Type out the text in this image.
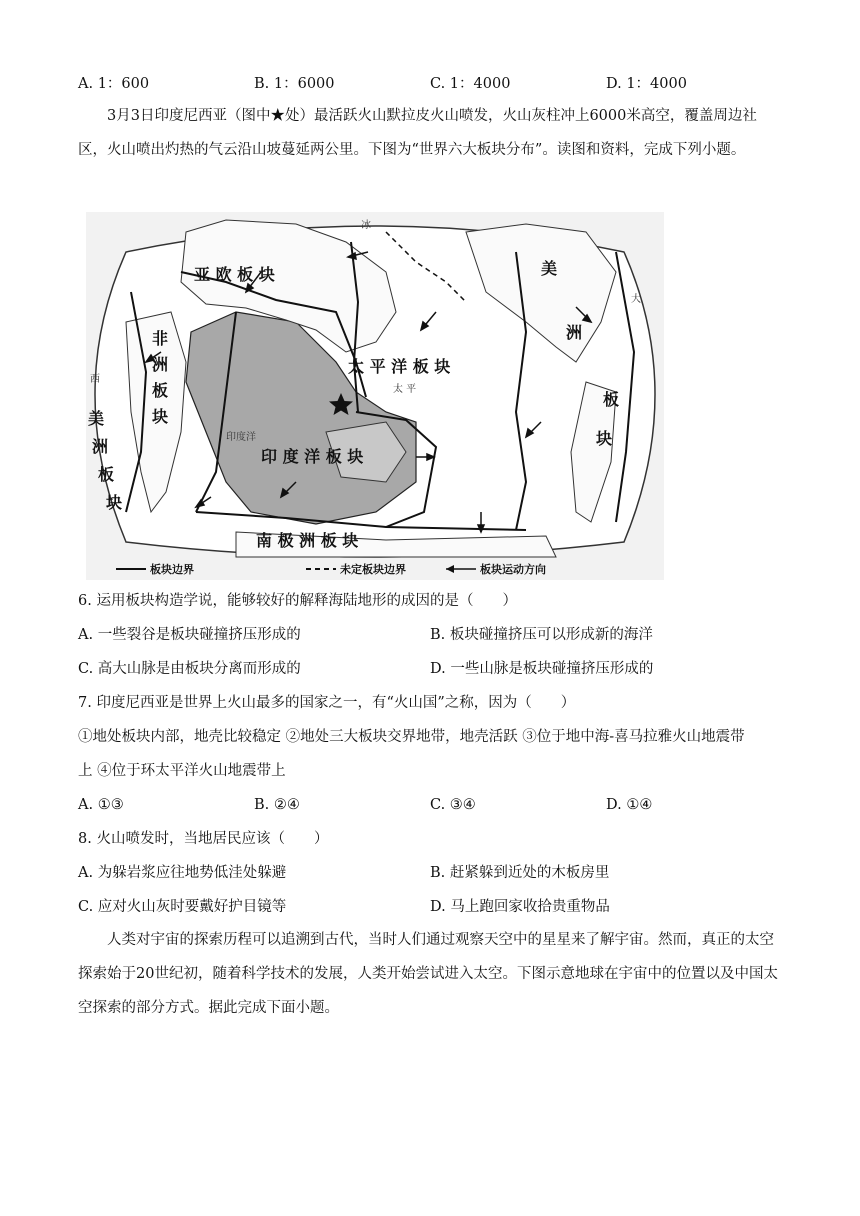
A. 1：600	B. 1：6000	C. 1：4000	D. 1：4000
3月3日印度尼西亚（图中★处）最活跃火山默拉皮火山喷发，火山灰柱冲上6000米高空，覆盖周边社区，火山喷出灼热的气云沿山坡蔓延两公里。下图为“世界六大板块分布”。读图和资料，完成下列小题。
亚 欧 板 块
太 平 洋 板 块
印 度 洋 板 块
南 极 洲 板 块
非
洲
板
块
美
洲
板
块
美
洲
板
块
冰
西
太 平
印度洋
大
板块边界	未定板块边界	板块运动方向
6. 运用板块构造学说，能够较好的解释海陆地形的成因的是（　　）
A. 一些裂谷是板块碰撞挤压形成的	B. 板块碰撞挤压可以形成新的海洋
C. 高大山脉是由板块分离而形成的	D. 一些山脉是板块碰撞挤压形成的
7. 印度尼西亚是世界上火山最多的国家之一，有“火山国”之称，因为（　　）
①地处板块内部，地壳比较稳定 ②地处三大板块交界地带，地壳活跃 ③位于地中海-喜马拉雅火山地震带
上 ④位于环太平洋火山地震带上
A. ①③	B. ②④	C. ③④	D. ①④
8. 火山喷发时，当地居民应该（　　）
A. 为躲岩浆应往地势低洼处躲避	B. 赶紧躲到近处的木板房里
C. 应对火山灰时要戴好护目镜等	D. 马上跑回家收拾贵重物品
人类对宇宙的探索历程可以追溯到古代，当时人们通过观察天空中的星星来了解宇宙。然而，真正的太空探索始于20世纪初，随着科学技术的发展，人类开始尝试进入太空。下图示意地球在宇宙中的位置以及中国太空探索的部分方式。据此完成下面小题。
